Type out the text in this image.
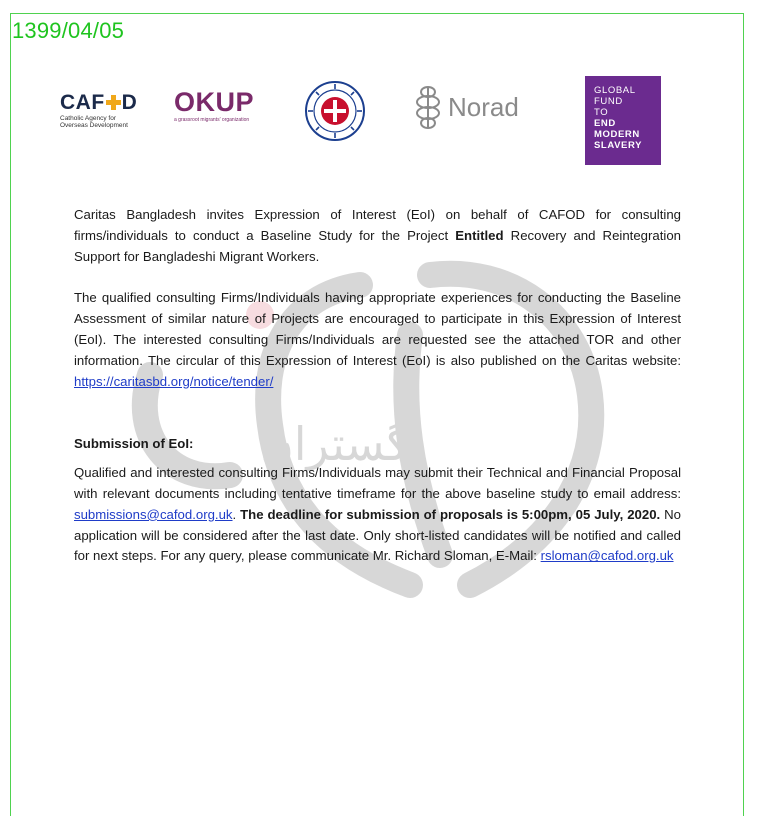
1399/04/05
CAF D
Catholic Agency for Overseas Development
OKUP
a grassroot migrants' organization	Norad
GLOBAL
FUND
TO
END
MODERN
SLAVERY
گستران

Caritas Bangladesh invites Expression of Interest (EoI) on behalf of CAFOD for consulting firms/individuals to conduct a Baseline Study for the Project Entitled Recovery and Reintegration Support for Bangladeshi Migrant Workers.

The qualified consulting Firms/Individuals having appropriate experiences for conducting the Baseline Assessment of similar nature of Projects are encouraged to participate in this Expression of Interest (EoI). The interested consulting Firms/Individuals are requested see the attached TOR and other information. The circular of this Expression of Interest (EoI) is also published on the Caritas website: https://caritasbd.org/notice/tender/

Submission of EoI:

Qualified and interested consulting Firms/Individuals may submit their Technical and Financial Proposal with relevant documents including tentative timeframe for the above baseline study to email address: submissions@cafod.org.uk. The deadline for submission of proposals is 5:00pm, 05 July, 2020. No application will be considered after the last date. Only short-listed candidates will be notified and called for next steps. For any query, please communicate Mr. Richard Sloman, E-Mail: rsloman@cafod.org.uk
